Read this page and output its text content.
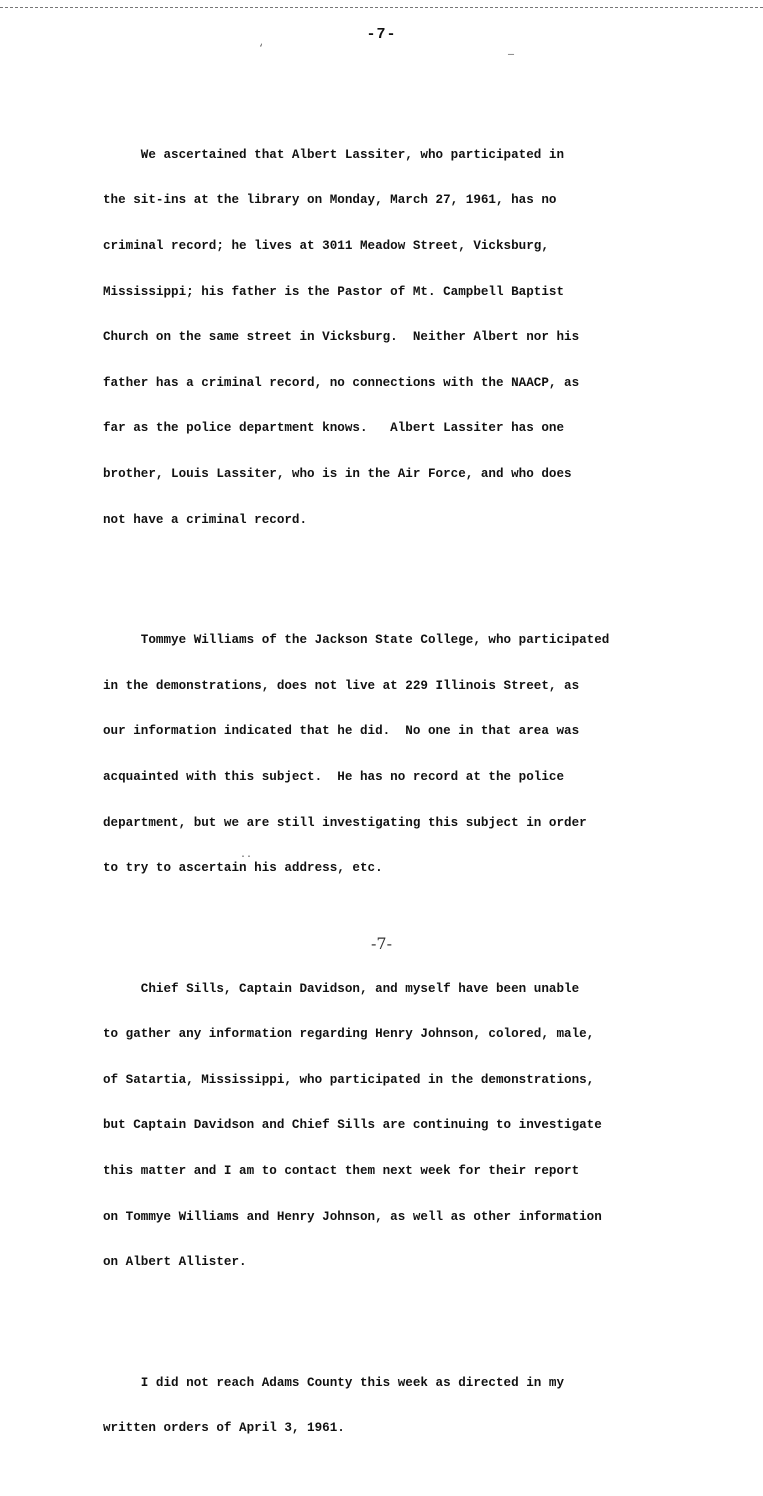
-7-
‘
—

We ascertained that Albert Lassiter, who participated in

the sit-ins at the library on Monday, March 27, 1961, has no

criminal record; he lives at 3011 Meadow Street, Vicksburg,

Mississippi; his father is the Pastor of Mt. Campbell Baptist

Church on the same street in Vicksburg.  Neither Albert nor his

father has a criminal record, no connections with the NAACP, as

far as the police department knows.   Albert Lassiter has one

brother, Louis Lassiter, who is in the Air Force, and who does

not have a criminal record.

Tommye Williams of the Jackson State College, who participated

in the demonstrations, does not live at 229 Illinois Street, as

our information indicated that he did.  No one in that area was

acquainted with this subject.  He has no record at the police

department, but we are still investigating this subject in order

to try to ascertain his address, etc.

Chief Sills, Captain Davidson, and myself have been unable

to gather any information regarding Henry Johnson, colored, male,

of Satartia, Mississippi, who participated in the demonstrations,

but Captain Davidson and Chief Sills are continuing to investigate

this matter and I am to contact them next week for their report

on Tommye Williams and Henry Johnson, as well as other information

on Albert Allister.

I did not reach Adams County this week as directed in my

written orders of April 3, 1961.

··
-7-
